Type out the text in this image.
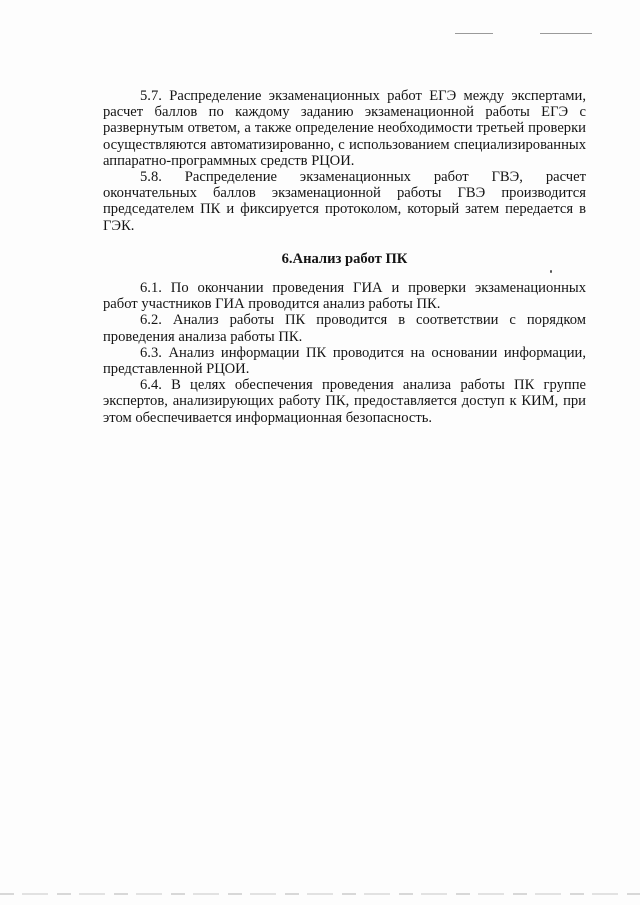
5.7. Распределение экзаменационных работ ЕГЭ между экспертами, расчет баллов по каждому заданию экзаменационной работы ЕГЭ с развернутым ответом, а также определение необходимости третьей проверки осуществляются автоматизированно, с использованием специализированных аппаратно-программных средств РЦОИ.

5.8. Распределение экзаменационных работ ГВЭ, расчет окончательных баллов экзаменационной работы ГВЭ производится председателем ПК и фиксируется протоколом, который затем передается в ГЭК.

6.Анализ работ ПК

6.1. По окончании проведения ГИА и проверки экзаменационных работ участников ГИА проводится анализ работы ПК.

6.2. Анализ работы ПК проводится в соответствии с порядком проведения анализа работы ПК.

6.3. Анализ информации ПК проводится на основании информации, представленной РЦОИ.

6.4. В целях обеспечения проведения анализа работы ПК группе экспертов, анализирующих работу ПК, предоставляется доступ к КИМ, при этом обеспечивается информационная безопасность.
